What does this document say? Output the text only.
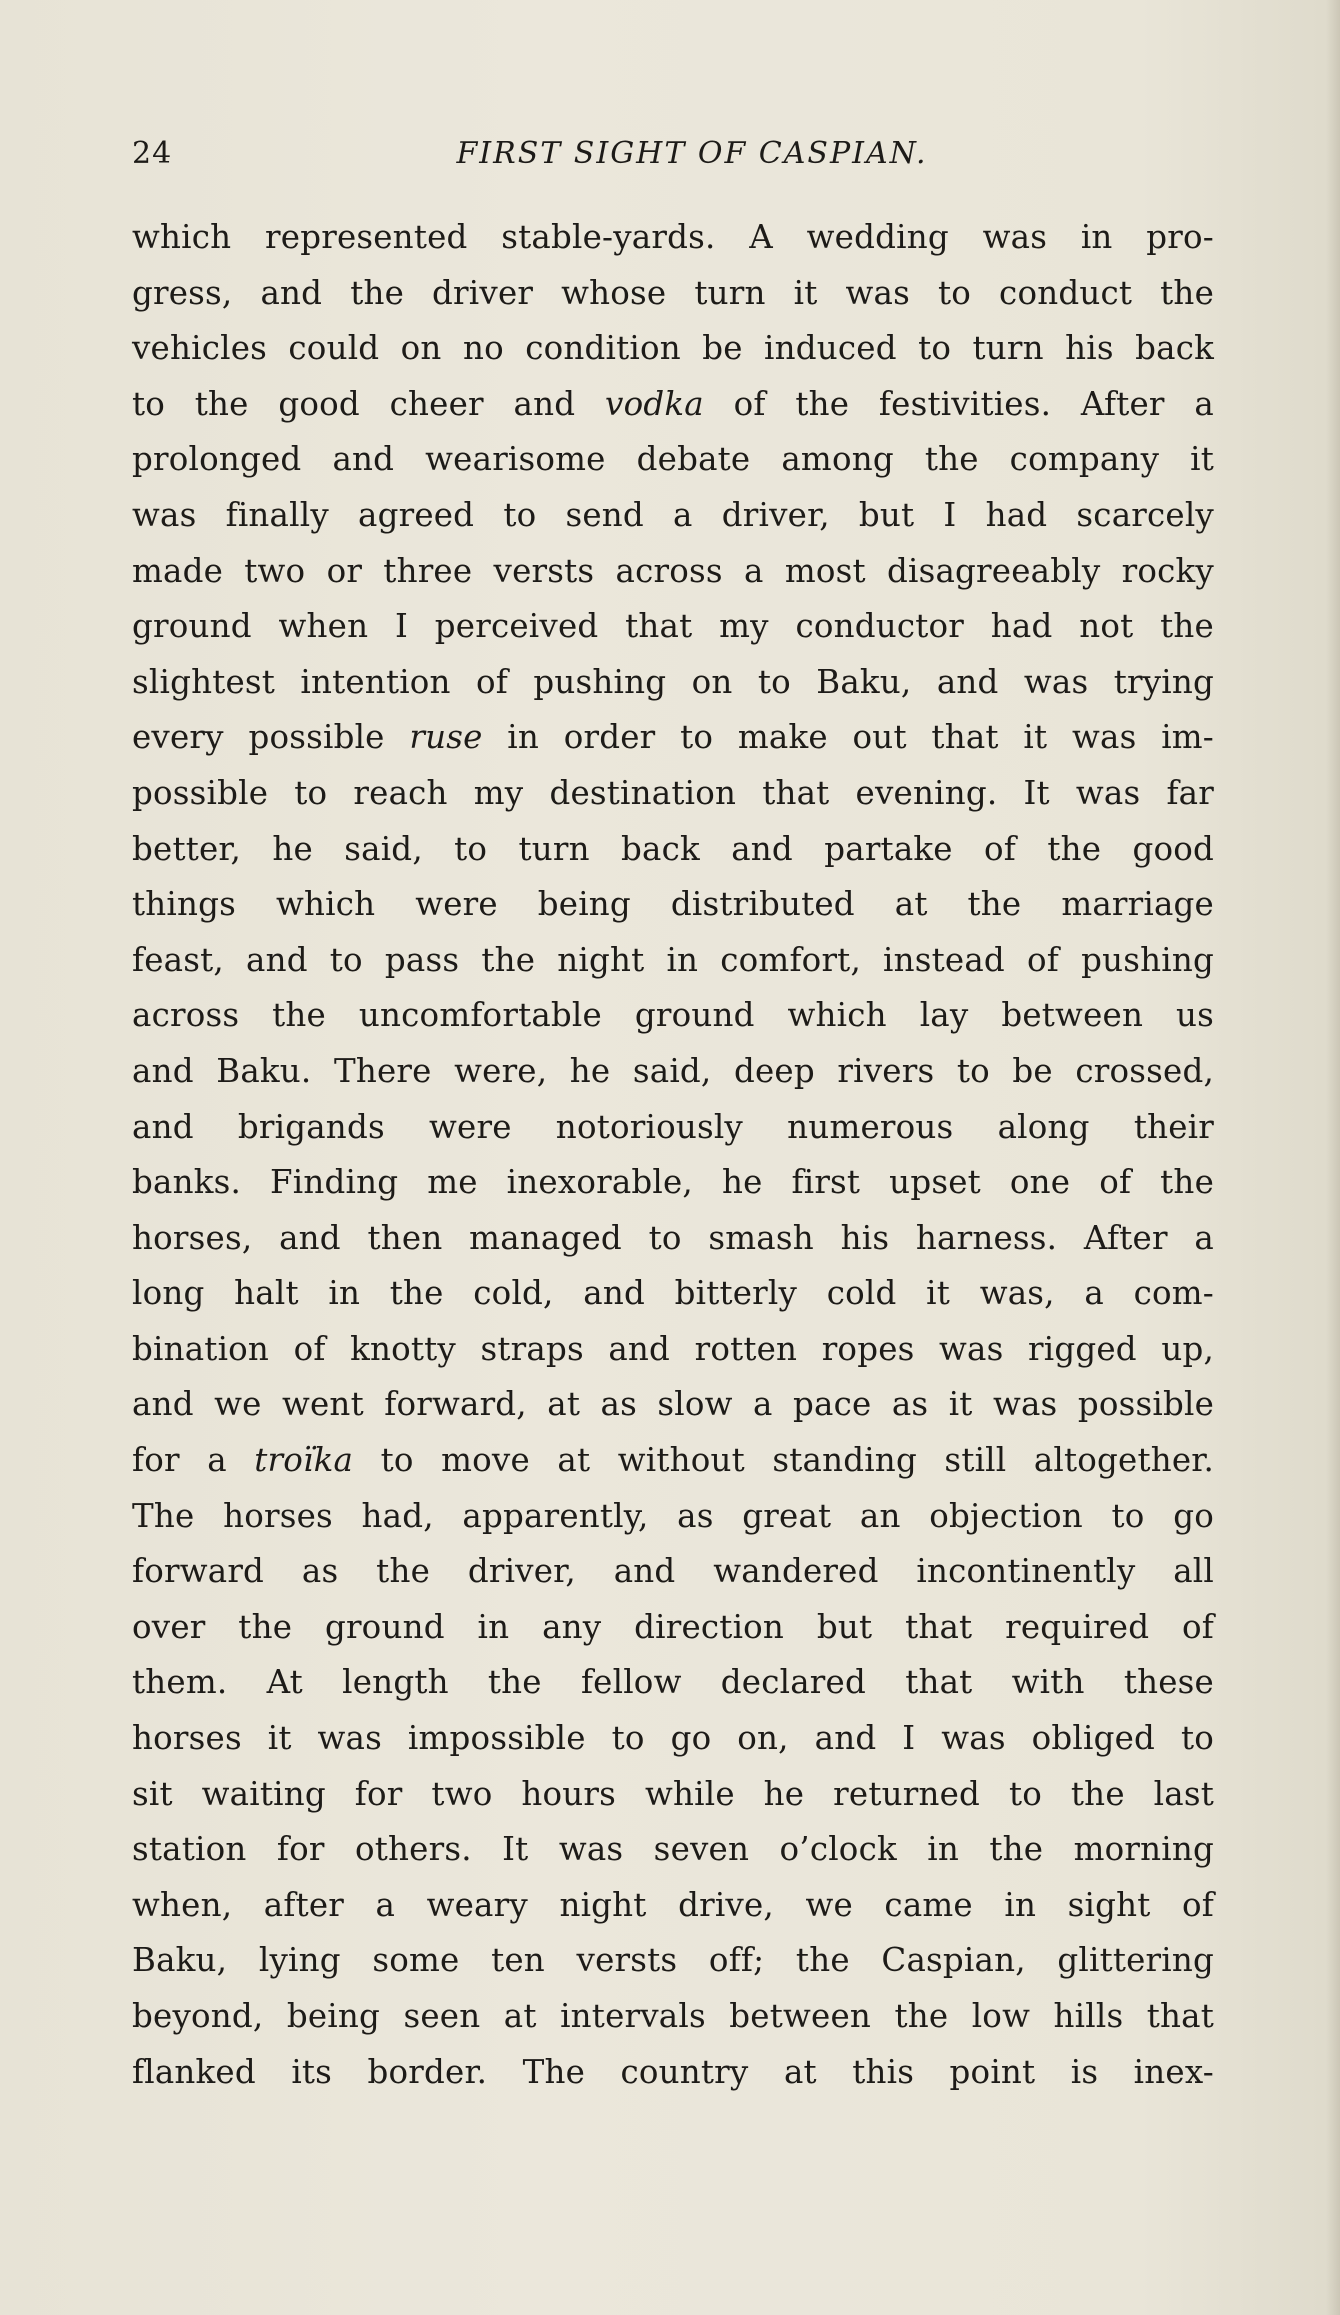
24	FIRST SIGHT OF CASPIAN.
which represented stable-yards. A wedding was in pro-
gress, and the driver whose turn it was to conduct the
vehicles could on no condition be induced to turn his back
to the good cheer and vodka of the festivities. After a
prolonged and wearisome debate among the company it
was finally agreed to send a driver, but I had scarcely
made two or three versts across a most disagreeably rocky
ground when I perceived that my conductor had not the
slightest intention of pushing on to Baku, and was trying
every possible ruse in order to make out that it was im-
possible to reach my destination that evening. It was far
better, he said, to turn back and partake of the good
things which were being distributed at the marriage
feast, and to pass the night in comfort, instead of pushing
across the uncomfortable ground which lay between us
and Baku. There were, he said, deep rivers to be crossed,
and brigands were notoriously numerous along their
banks. Finding me inexorable, he first upset one of the
horses, and then managed to smash his harness. After a
long halt in the cold, and bitterly cold it was, a com-
bination of knotty straps and rotten ropes was rigged up,
and we went forward, at as slow a pace as it was possible
for a troïka to move at without standing still altogether.
The horses had, apparently, as great an objection to go
forward as the driver, and wandered incontinently all
over the ground in any direction but that required of
them. At length the fellow declared that with these
horses it was impossible to go on, and I was obliged to
sit waiting for two hours while he returned to the last
station for others. It was seven o’clock in the morning
when, after a weary night drive, we came in sight of
Baku, lying some ten versts off; the Caspian, glittering
beyond, being seen at intervals between the low hills that
flanked its border. The country at this point is inex-
